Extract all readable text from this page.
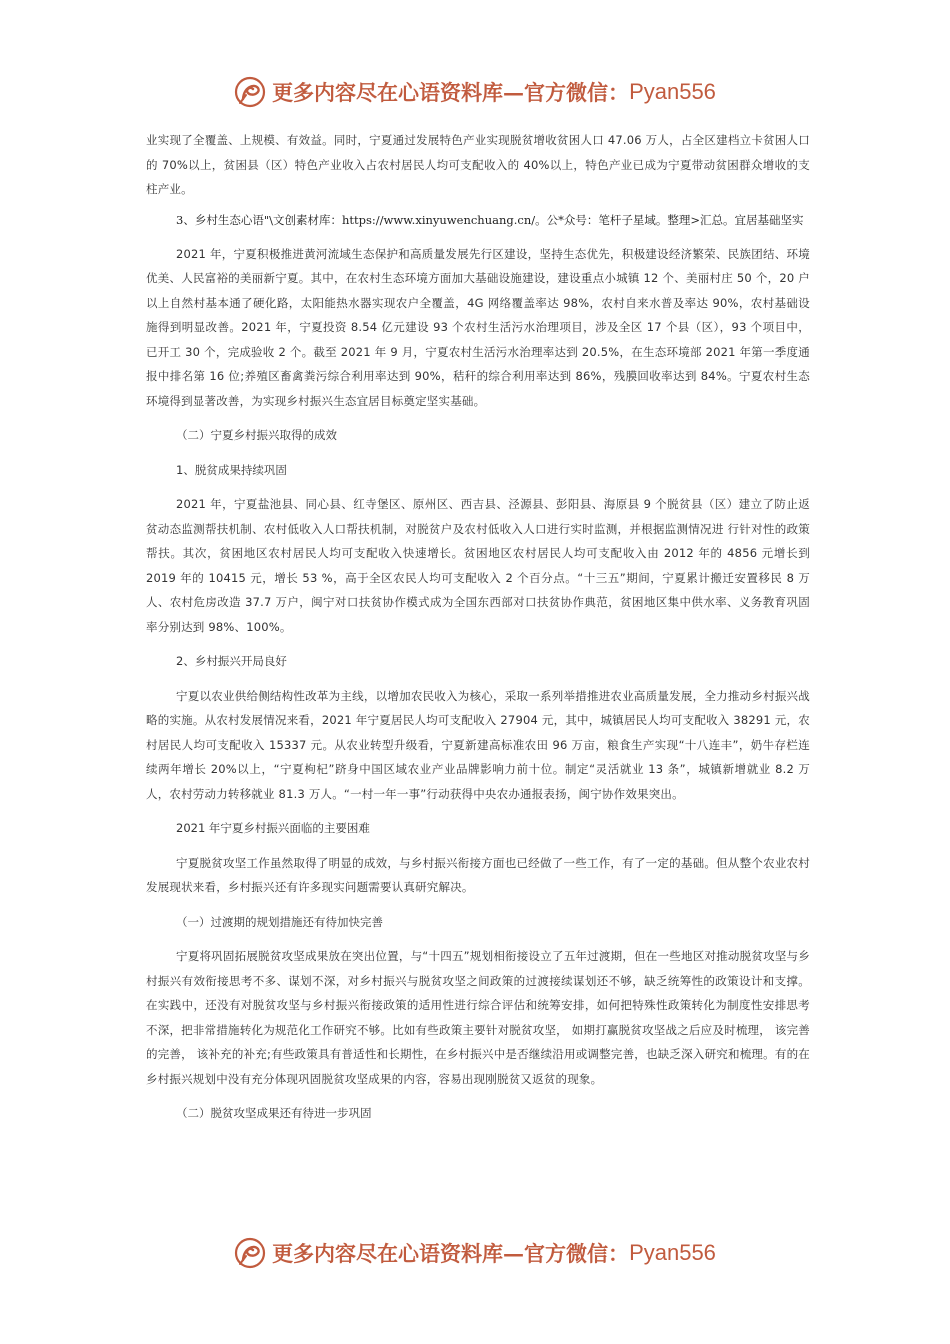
更多内容尽在心语资料库—官方微信： Pyan556

业实现了全覆盖、上规模、有效益。同时，宁夏通过发展特色产业实现脱贫增收贫困人口 47.06 万人，占全区建档立卡贫困人口的 70%以上，贫困县（区）特色产业收入占农村居民人均可支配收入的 40%以上，特色产业已成为宁夏带动贫困群众增收的支柱产业。

3、乡村生态心语"\文创素材库：https://www.xinyuwenchuang.cn/。公*众号：笔杆子星域。整理>汇总。宜居基础坚实

2021 年，宁夏积极推进黄河流域生态保护和高质量发展先行区建设，坚持生态优先，积极建设经济繁荣、民族团结、环境优美、人民富裕的美丽新宁夏。其中，在农村生态环境方面加大基础设施建设，建设重点小城镇 12 个、美丽村庄 50 个，20 户以上自然村基本通了硬化路，太阳能热水器实现农户全覆盖，4G 网络覆盖率达 98%，农村自来水普及率达 90%，农村基础设施得到明显改善。2021 年，宁夏投资 8.54 亿元建设 93 个农村生活污水治理项目，涉及全区 17 个县（区），93 个项目中，已开工 30 个，完成验收 2 个。截至 2021 年 9 月，宁夏农村生活污水治理率达到 20.5%，在生态环境部 2021 年第一季度通报中排名第 16 位;养殖区畜禽粪污综合利用率达到 90%，秸秆的综合利用率达到 86%，残膜回收率达到 84%。宁夏农村生态环境得到显著改善，为实现乡村振兴生态宜居目标奠定坚实基础。

（二）宁夏乡村振兴取得的成效

1、脱贫成果持续巩固

2021 年，宁夏盐池县、同心县、红寺堡区、原州区、西吉县、泾源县、彭阳县、海原县 9 个脱贫县（区）建立了防止返贫动态监测帮扶机制、农村低收入人口帮扶机制，对脱贫户及农村低收入人口进行实时监测，并根据监测情况进 行针对性的政策帮扶。其次，贫困地区农村居民人均可支配收入快速增长。贫困地区农村居民人均可支配收入由 2012 年的 4856 元增长到 2019 年的 10415 元，增长 53 %，高于全区农民人均可支配收入 2 个百分点。“十三五”期间，宁夏累计搬迁安置移民 8 万人、农村危房改造 37.7 万户，闽宁对口扶贫协作模式成为全国东西部对口扶贫协作典范，贫困地区集中供水率、义务教育巩固率分别达到 98%、100%。

2、乡村振兴开局良好

宁夏以农业供给侧结构性改革为主线，以增加农民收入为核心，采取一系列举措推进农业高质量发展，全力推动乡村振兴战略的实施。从农村发展情况来看，2021 年宁夏居民人均可支配收入 27904 元，其中，城镇居民人均可支配收入 38291 元，农村居民人均可支配收入 15337 元。从农业转型升级看，宁夏新建高标准农田 96 万亩，粮食生产实现“十八连丰”，奶牛存栏连续两年增长 20%以上，“宁夏枸杞”跻身中国区域农业产业品牌影响力前十位。制定“灵活就业 13 条”，城镇新增就业 8.2 万人，农村劳动力转移就业 81.3 万人。“一村一年一事”行动获得中央农办通报表扬，闽宁协作效果突出。

2021 年宁夏乡村振兴面临的主要困难

宁夏脱贫攻坚工作虽然取得了明显的成效，与乡村振兴衔接方面也已经做了一些工作，有了一定的基础。但从整个农业农村发展现状来看，乡村振兴还有许多现实问题需要认真研究解决。

（一）过渡期的规划措施还有待加快完善

宁夏将巩固拓展脱贫攻坚成果放在突出位置，与“十四五”规划相衔接设立了五年过渡期，但在一些地区对推动脱贫攻坚与乡村振兴有效衔接思考不多、谋划不深，对乡村振兴与脱贫攻坚之间政策的过渡接续谋划还不够，缺乏统筹性的政策设计和支撑。在实践中，还没有对脱贫攻坚与乡村振兴衔接政策的适用性进行综合评估和统筹安排，如何把特殊性政策转化为制度性安排思考不深，把非常措施转化为规范化工作研究不够。比如有些政策主要针对脱贫攻坚， 如期打赢脱贫攻坚战之后应及时梳理， 该完善的完善， 该补充的补充;有些政策具有普适性和长期性，在乡村振兴中是否继续沿用或调整完善，也缺乏深入研究和梳理。有的在乡村振兴规划中没有充分体现巩固脱贫攻坚成果的内容，容易出现刚脱贫又返贫的现象。

（二）脱贫攻坚成果还有待进一步巩固

更多内容尽在心语资料库—官方微信： Pyan556
